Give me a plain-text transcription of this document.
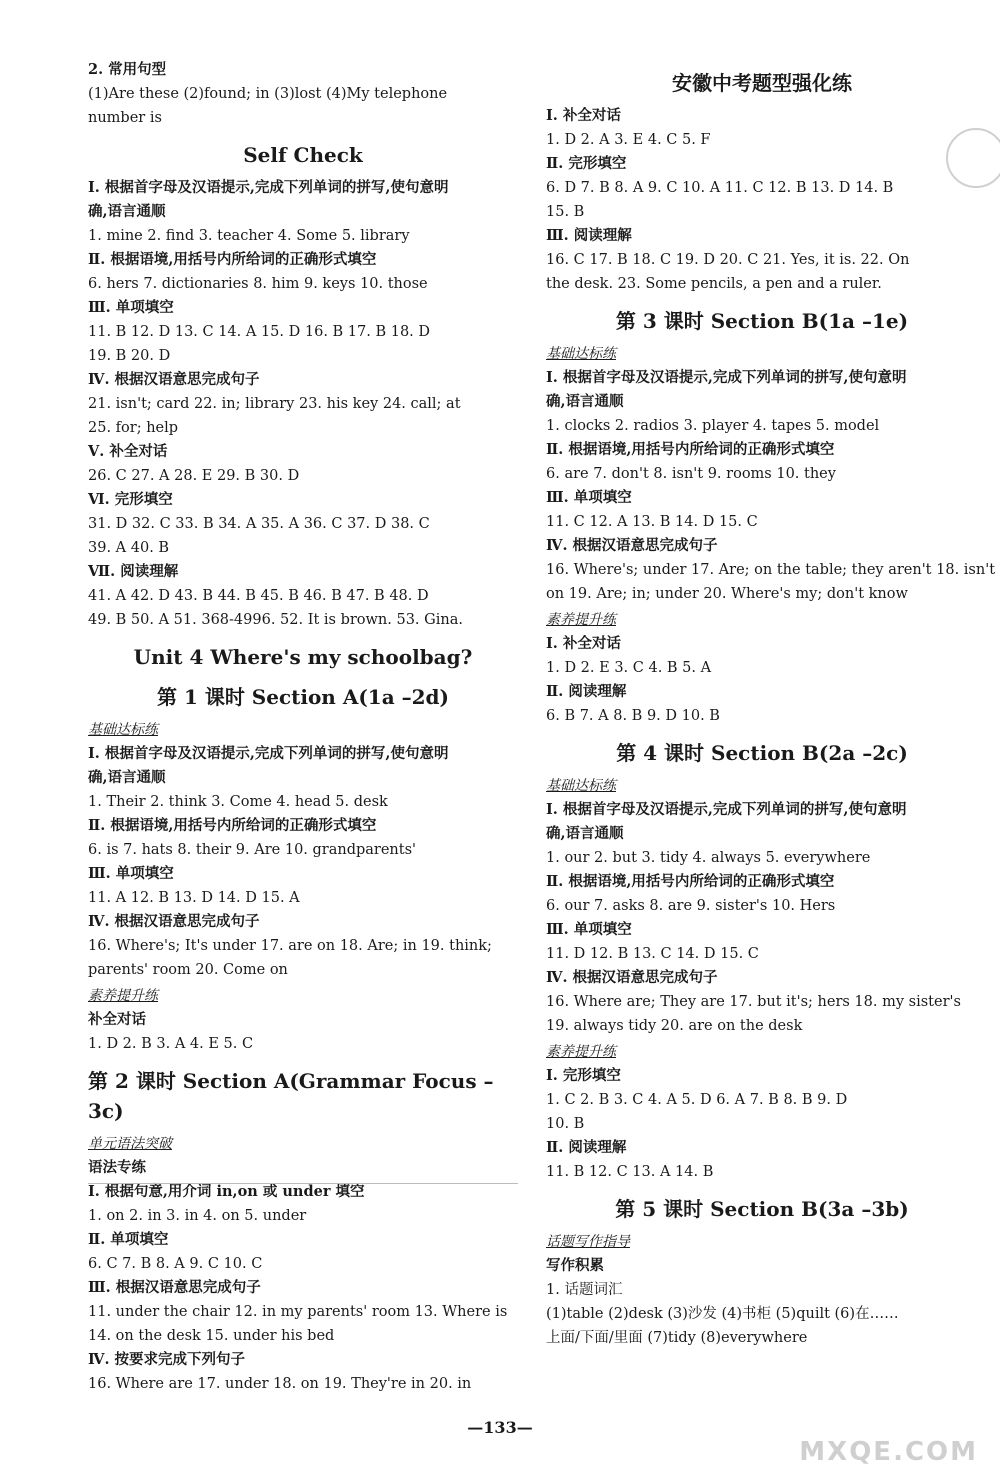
2. 常用句型
(1)Are these (2)found; in (3)lost (4)My telephone
number is
Self Check
Ⅰ. 根据首字母及汉语提示,完成下列单词的拼写,使句意明
确,语言通顺
1. mine 2. find 3. teacher 4. Some 5. library
Ⅱ. 根据语境,用括号内所给词的正确形式填空
6. hers 7. dictionaries 8. him 9. keys 10. those
Ⅲ. 单项填空
11. B 12. D 13. C 14. A 15. D 16. B 17. B 18. D
19. B 20. D
Ⅳ. 根据汉语意思完成句子
21. isn't; card 22. in; library 23. his key 24. call; at
25. for; help
Ⅴ. 补全对话
26. C 27. A 28. E 29. B 30. D
Ⅵ. 完形填空
31. D 32. C 33. B 34. A 35. A 36. C 37. D 38. C
39. A 40. B
Ⅶ. 阅读理解
41. A 42. D 43. B 44. B 45. B 46. B 47. B 48. D
49. B 50. A 51. 368-4996. 52. It is brown. 53. Gina.
Unit 4 Where's my schoolbag?
第 1 课时 Section A(1a –2d)
基础达标练
Ⅰ. 根据首字母及汉语提示,完成下列单词的拼写,使句意明
确,语言通顺
1. Their 2. think 3. Come 4. head 5. desk
Ⅱ. 根据语境,用括号内所给词的正确形式填空
6. is 7. hats 8. their 9. Are 10. grandparents'
Ⅲ. 单项填空
11. A 12. B 13. D 14. D 15. A
Ⅳ. 根据汉语意思完成句子
16. Where's; It's under 17. are on 18. Are; in 19. think;
parents' room 20. Come on
素养提升练
补全对话
1. D 2. B 3. A 4. E 5. C
第 2 课时 Section A(Grammar Focus –3c)
单元语法突破
语法专练
Ⅰ. 根据句意,用介词 in,on 或 under 填空
1. on 2. in 3. in 4. on 5. under
Ⅱ. 单项填空
6. C 7. B 8. A 9. C 10. C
Ⅲ. 根据汉语意思完成句子
11. under the chair 12. in my parents' room 13. Where is
14. on the desk 15. under his bed
Ⅳ. 按要求完成下列句子
16. Where are 17. under 18. on 19. They're in 20. in
安徽中考题型强化练
Ⅰ. 补全对话
1. D 2. A 3. E 4. C 5. F
Ⅱ. 完形填空
6. D 7. B 8. A 9. C 10. A 11. C 12. B 13. D 14. B
15. B
Ⅲ. 阅读理解
16. C 17. B 18. C 19. D 20. C 21. Yes, it is. 22. On
the desk. 23. Some pencils, a pen and a ruler.
第 3 课时 Section B(1a –1e)
基础达标练
Ⅰ. 根据首字母及汉语提示,完成下列单词的拼写,使句意明
确,语言通顺
1. clocks 2. radios 3. player 4. tapes 5. model
Ⅱ. 根据语境,用括号内所给词的正确形式填空
6. are 7. don't 8. isn't 9. rooms 10. they
Ⅲ. 单项填空
11. C 12. A 13. B 14. D 15. C
Ⅳ. 根据汉语意思完成句子
16. Where's; under 17. Are; on the table; they aren't 18. isn't
on 19. Are; in; under 20. Where's my; don't know
素养提升练
Ⅰ. 补全对话
1. D 2. E 3. C 4. B 5. A
Ⅱ. 阅读理解
6. B 7. A 8. B 9. D 10. B
第 4 课时 Section B(2a –2c)
基础达标练
Ⅰ. 根据首字母及汉语提示,完成下列单词的拼写,使句意明
确,语言通顺
1. our 2. but 3. tidy 4. always 5. everywhere
Ⅱ. 根据语境,用括号内所给词的正确形式填空
6. our 7. asks 8. are 9. sister's 10. Hers
Ⅲ. 单项填空
11. D 12. B 13. C 14. D 15. C
Ⅳ. 根据汉语意思完成句子
16. Where are; They are 17. but it's; hers 18. my sister's
19. always tidy 20. are on the desk
素养提升练
Ⅰ. 完形填空
1. C 2. B 3. C 4. A 5. D 6. A 7. B 8. B 9. D
10. B
Ⅱ. 阅读理解
11. B 12. C 13. A 14. B
第 5 课时 Section B(3a –3b)
话题写作指导
写作积累
1. 话题词汇
(1)table (2)desk (3)沙发 (4)书柜 (5)quilt (6)在……
上面/下面/里面 (7)tidy (8)everywhere
—133—
MXQE.COM
